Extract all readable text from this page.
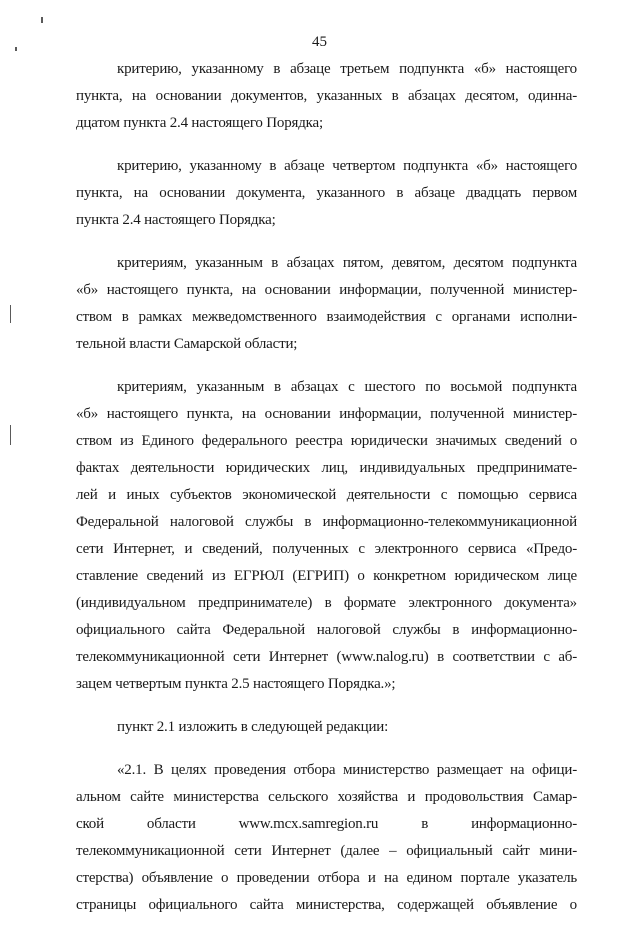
45
критерию, указанному в абзаце третьем подпункта «б» настоящего
пункта, на основании документов, указанных в абзацах десятом, одинна-
дцатом пункта 2.4 настоящего Порядка;
критерию, указанному в абзаце четвертом подпункта «б» настоящего
пункта, на основании документа, указанного в абзаце двадцать первом
пункта 2.4 настоящего Порядка;
критериям, указанным в абзацах пятом, девятом, десятом подпункта
«б» настоящего пункта, на основании информации, полученной министер-
ством в рамках межведомственного взаимодействия с органами исполни-
тельной власти Самарской области;
критериям, указанным в абзацах с шестого по восьмой подпункта
«б» настоящего пункта, на основании информации, полученной министер-
ством из Единого федерального реестра юридически значимых сведений о
фактах деятельности юридических лиц, индивидуальных предпринимате-
лей и иных субъектов экономической деятельности с помощью сервиса
Федеральной налоговой службы в информационно-телекоммуникационной
сети Интернет, и сведений, полученных с электронного сервиса «Предо-
ставление сведений из ЕГРЮЛ (ЕГРИП) о конкретном юридическом лице
(индивидуальном предпринимателе) в формате электронного документа»
официального сайта Федеральной налоговой службы в информационно-
телекоммуникационной сети Интернет (www.nalog.ru) в соответствии с аб-
зацем четвертым пункта 2.5 настоящего Порядка.»;
пункт 2.1 изложить в следующей редакции:
«2.1. В целях проведения отбора министерство размещает на офици-
альном сайте министерства сельского хозяйства и продовольствия Самар-
ской области www.mcx.samregion.ru в информационно-
телекоммуникационной сети Интернет (далее – официальный сайт мини-
стерства) объявление о проведении отбора и на едином портале указатель
страницы официального сайта министерства, содержащей объявление о
